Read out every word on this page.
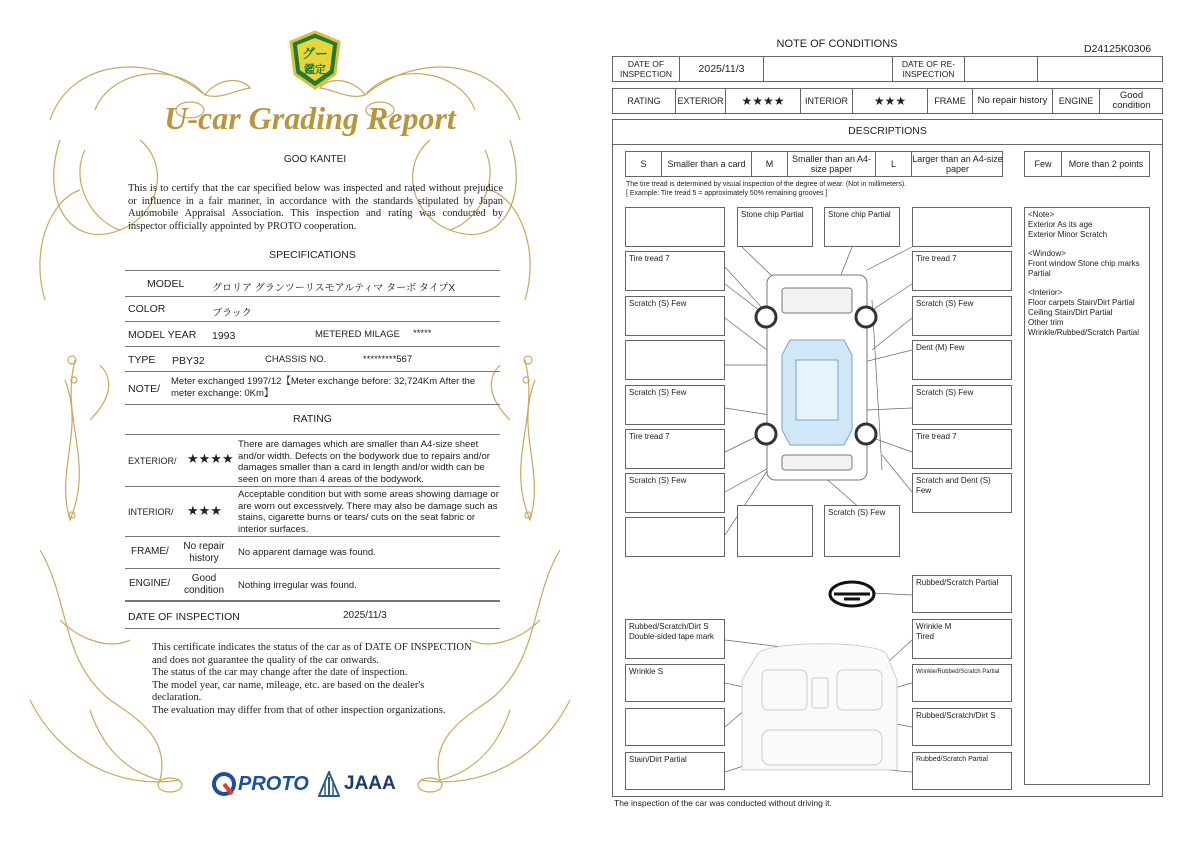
グー
鑑定
U-car Grading Report
GOO KANTEI
This is to certify that the car specified below was inspected and rated without prejudice or influence in a fair manner, in accordance with the standards stipulated by Japan Automobile Appraisal Association. This inspection and rating was conducted by inspector officially appointed by PROTO cooperation.
SPECIFICATIONS
MODEL	グロリア グランツーリスモアルティマ ターボ タイプX
COLOR	ブラック
MODEL YEAR 1993	METERED MILAGE *****
TYPE PBY32	CHASSIS NO.	*********567
NOTE/
Meter exchanged 1997/12【Meter exchange before: 32,724Km After the meter exchange: 0Km】
RATING
EXTERIOR/ ★★★★
There are damages which are smaller than A4-size sheet and/or width. Defects on the bodywork due to repairs and/or damages smaller than a card in length and/or width can be seen on more than 4 areas of the bodywork.
INTERIOR/ ★★★
Acceptable condition but with some areas showing damage or are worn out excessively. There may also be damage such as stains, cigarette burns or tears/ cuts on the seat fabric or interior surfaces.
FRAME/	No repair history
No apparent damage was found.
ENGINE/	Good condition	Nothing irregular was found.
DATE OF INSPECTION	2025/11/3
This certificate indicates the status of the car as of DATE OF INSPECTION and does not guarantee the quality of the car onwards.
The status of the car may change after the date of inspection.
The model year, car name, mileage, etc. are based on the dealer's declaration.
The evaluation may differ from that of other inspection organizations.
PROTO JAAA
NOTE OF CONDITIONS	D24125K0306
DATE OF INSPECTION	2025/11/3	DATE OF RE-INSPECTION
RATING	EXTERIOR	★★★★	INTERIOR	★★★	FRAME	No repair history	ENGINE	Good condition
DESCRIPTIONS
S	Smaller than a card	M	Smaller than an A4-size paper	L	Larger than an A4-size paper	Few	More than 2 points
The tire tread is determined by visual inspection of the degree of wear. (Not in millimeters).
[ Example: Tire tread 5 = approximately 50% remaining grooves ]
Stone chip Partial	Stone chip Partial
Tire tread 7
Scratch (S) Few
Scratch (S) Few
Tire tread 7
Scratch (S) Few
Tire tread 7
Scratch (S) Few
Dent (M) Few
Scratch (S) Few
Tire tread 7
Scratch and Dent (S) Few
Scratch (S) Few
Rubbed/Scratch Partial
Rubbed/Scratch/Dirt S
Double-sided tape mark
Wrinkle M
Tired
Wrinkle S	Wrinkle/Rubbed/Scratch Partial
Rubbed/Scratch/Dirt S
Stain/Dirt Partial	Rubbed/Scratch Partial
<Note>
Exterior As its age
Exterior Minor Scratch

<Window>
Front window Stone chip marks Partial

<Interior>
Floor carpets Stain/Dirt Partial
Ceiling Stain/Dirt Partial
Other trim
Wrinkle/Rubbed/Scratch Partial
The inspection of the car was conducted without driving it.
